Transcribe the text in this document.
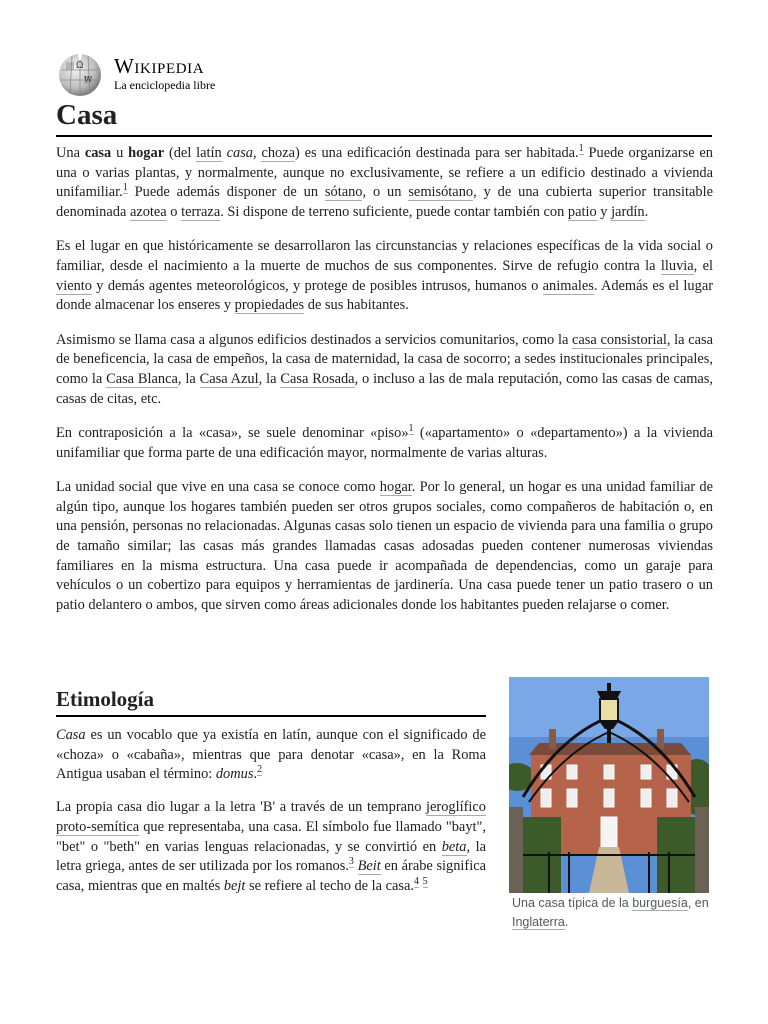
Ω
W
Wikipedia
La enciclopedia libre
Casa

Una casa u hogar (del latín casa, choza) es una edificación destinada para ser habitada.$^1$ Puede organizarse en una o varias plantas, y normalmente, aunque no exclusivamente, se refiere a un edificio destinado a vivienda unifamiliar.$^1$ Puede además disponer de un sótano, o un semisótano, y de una cubierta superior transitable denominada azotea o terraza. Si dispone de terreno suficiente, puede contar también con patio y jardín.

Es el lugar en que históricamente se desarrollaron las circunstancias y relaciones específicas de la vida social o familiar, desde el nacimiento a la muerte de muchos de sus componentes. Sirve de refugio contra la lluvia, el viento y demás agentes meteorológicos, y protege de posibles intrusos, humanos o animales. Además es el lugar donde almacenar los enseres y propiedades de sus habitantes.

Asimismo se llama casa a algunos edificios destinados a servicios comunitarios, como la casa consistorial, la casa de beneficencia, la casa de empeños, la casa de maternidad, la casa de socorro; a sedes institucionales principales, como la Casa Blanca, la Casa Azul, la Casa Rosada, o incluso a las de mala reputación, como las casas de camas, casas de citas, etc.

En contraposición a la «casa», se suele denominar «piso»$^1$ («apartamento» o «departamento») a la vivienda unifamiliar que forma parte de una edificación mayor, normalmente de varias alturas.

La unidad social que vive en una casa se conoce como hogar. Por lo general, un hogar es una unidad familiar de algún tipo, aunque los hogares también pueden ser otros grupos sociales, como compañeros de habitación o, en una pensión, personas no relacionadas. Algunas casas solo tienen un espacio de vivienda para una familia o grupo de tamaño similar; las casas más grandes llamadas casas adosadas pueden contener numerosas viviendas familiares en la misma estructura. Una casa puede ir acompañada de dependencias, como un garaje para vehículos o un cobertizo para equipos y herramientas de jardinería. Una casa puede tener un patio trasero o un patio delantero o ambos, que sirven como áreas adicionales donde los habitantes pueden relajarse o comer.

Etimología

Casa es un vocablo que ya existía en latín, aunque con el significado de «choza» o «cabaña», mientras que para denotar «casa», en la Roma Antigua usaban el término: domus.$^2$

La propia casa dio lugar a la letra 'B' a través de un temprano jeroglífico proto-semítica que representaba, una casa. El símbolo fue llamado "bayt", "bet" o "beth" en varias lenguas relacionadas, y se convirtió en beta, la letra griega, antes de ser utilizada por los romanos.$^3$ Beit en árabe significa casa, mientras que en maltés bejt se refiere al techo de la casa.$^4$ $^5$

Una casa típica de la burguesía, en Inglaterra.
